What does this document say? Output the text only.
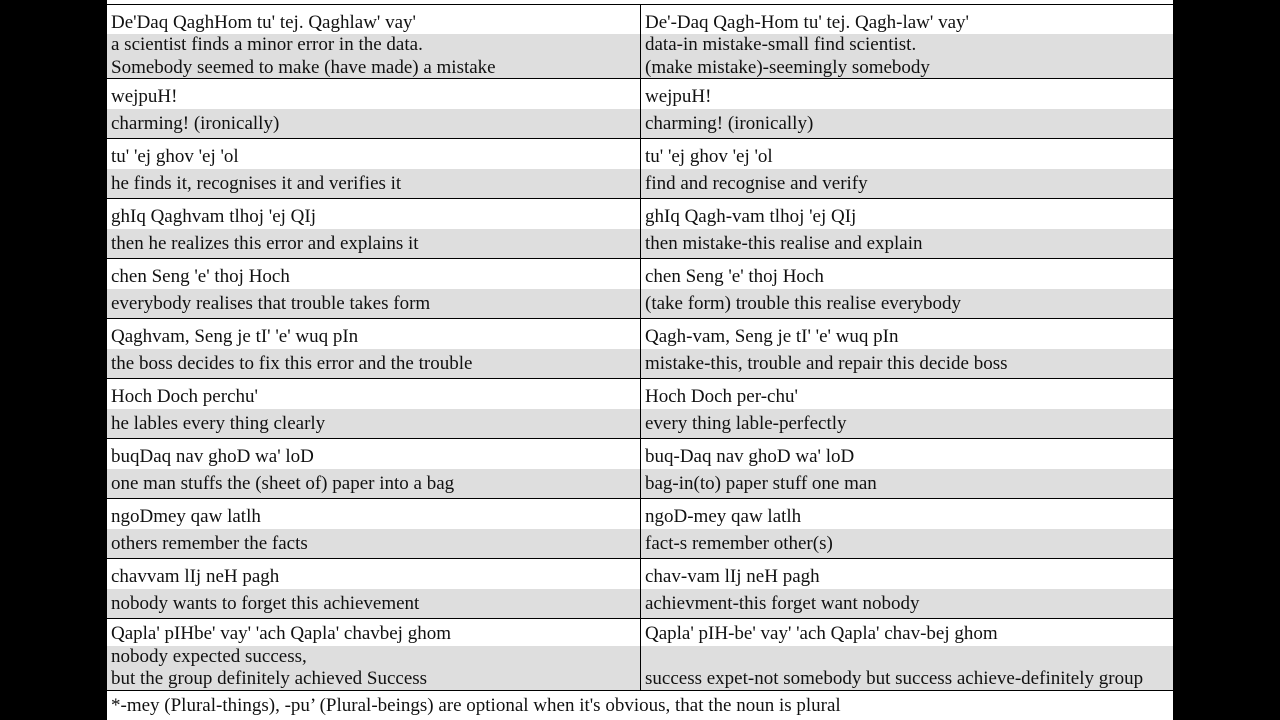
De'Daq QaghHom tu' tej. Qaghlaw' vay'
a scientist finds a minor error in the data.
Somebody seemed to make (have made) a mistake
De'-Daq Qagh-Hom tu' tej. Qagh-law' vay'
data-in mistake-small find scientist.
(make mistake)-seemingly somebody
wejpuH!
charming! (ironically)
wejpuH!
charming! (ironically)
tu' 'ej ghov 'ej 'ol
he finds it, recognises it and verifies it
tu' 'ej ghov 'ej 'ol
find and recognise and verify
ghIq Qaghvam tlhoj 'ej QIj
then he realizes this error and explains it
ghIq Qagh-vam tlhoj 'ej QIj
then mistake-this realise and explain
chen Seng 'e' thoj Hoch
everybody realises that trouble takes form
chen Seng 'e' thoj Hoch
(take form) trouble this realise everybody
Qaghvam, Seng je tI' 'e' wuq pIn
the boss decides to fix this error and the trouble
Qagh-vam, Seng je tI' 'e' wuq pIn
mistake-this, trouble and repair this decide boss
Hoch Doch perchu'
he lables every thing clearly
Hoch Doch per-chu'
every thing lable-perfectly
buqDaq nav ghoD wa' loD
one man stuffs the (sheet of) paper into a bag
buq-Daq nav ghoD wa' loD
bag-in(to) paper stuff one man
ngoDmey qaw latlh
others remember the facts
ngoD-mey qaw latlh
fact-s remember other(s)
chavvam lIj neH pagh
nobody wants to forget this achievement
chav-vam lIj neH pagh
achievment-this forget want nobody
Qapla' pIHbe' vay' 'ach Qapla' chavbej ghom
nobody expected success,
but the group definitely achieved Success
Qapla' pIH-be' vay' 'ach Qapla' chav-bej ghom
success expet-not somebody but success achieve-definitely group
*-mey (Plural-things), -pu’ (Plural-beings) are optional when it's obvious, that the noun is plural
